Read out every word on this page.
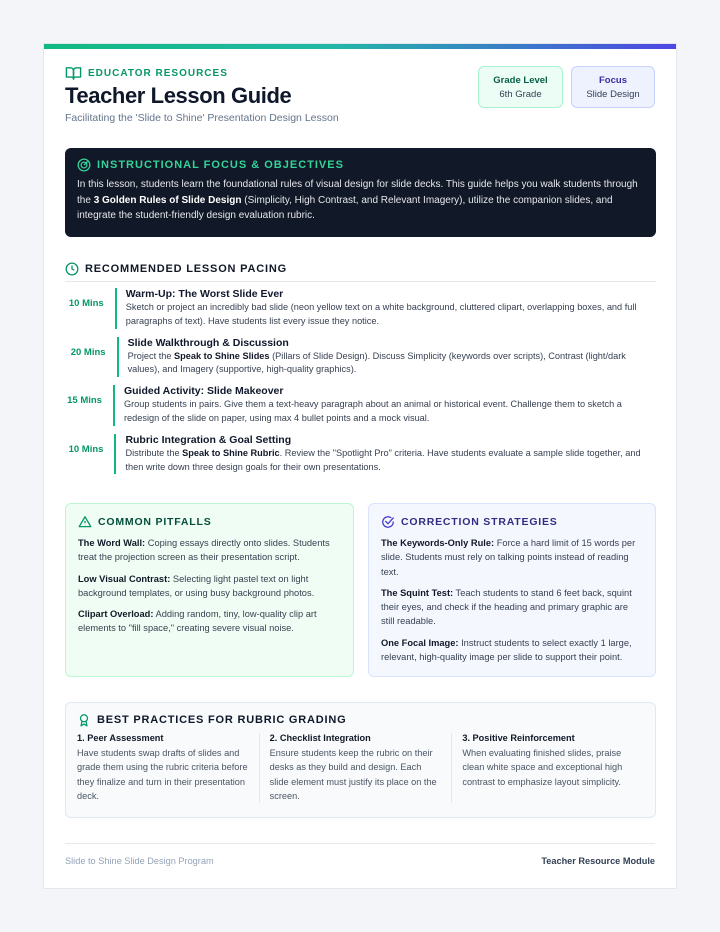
EDUCATOR RESOURCES
Teacher Lesson Guide
Facilitating the 'Slide to Shine' Presentation Design Lesson
Grade Level
6th Grade
Focus
Slide Design
INSTRUCTIONAL FOCUS & OBJECTIVES
In this lesson, students learn the foundational rules of visual design for slide decks. This guide helps you walk students through the 3 Golden Rules of Slide Design (Simplicity, High Contrast, and Relevant Imagery), utilize the companion slides, and integrate the student-friendly design evaluation rubric.
RECOMMENDED LESSON PACING
10 Mins
Warm-Up: The Worst Slide Ever
Sketch or project an incredibly bad slide (neon yellow text on a white background, cluttered clipart, overlapping boxes, and full paragraphs of text). Have students list every issue they notice.
20 Mins
Slide Walkthrough & Discussion
Project the Speak to Shine Slides (Pillars of Slide Design). Discuss Simplicity (keywords over scripts), Contrast (light/dark values), and Imagery (supportive, high-quality graphics).
15 Mins
Guided Activity: Slide Makeover
Group students in pairs. Give them a text-heavy paragraph about an animal or historical event. Challenge them to sketch a redesign of the slide on paper, using max 4 bullet points and a mock visual.
10 Mins
Rubric Integration & Goal Setting
Distribute the Speak to Shine Rubric. Review the "Spotlight Pro" criteria. Have students evaluate a sample slide together, and then write down three design goals for their own presentations.
COMMON PITFALLS
The Word Wall: Coping essays directly onto slides. Students treat the projection screen as their presentation script.
Low Visual Contrast: Selecting light pastel text on light background templates, or using busy background photos.
Clipart Overload: Adding random, tiny, low-quality clip art elements to "fill space," creating severe visual noise.
CORRECTION STRATEGIES
The Keywords-Only Rule: Force a hard limit of 15 words per slide. Students must rely on talking points instead of reading text.
The Squint Test: Teach students to stand 6 feet back, squint their eyes, and check if the heading and primary graphic are still readable.
One Focal Image: Instruct students to select exactly 1 large, relevant, high-quality image per slide to support their point.
BEST PRACTICES FOR RUBRIC GRADING
1. Peer Assessment
Have students swap drafts of slides and grade them using the rubric criteria before they finalize and turn in their presentation deck.
2. Checklist Integration
Ensure students keep the rubric on their desks as they build and design. Each slide element must justify its place on the screen.
3. Positive Reinforcement
When evaluating finished slides, praise clean white space and exceptional high contrast to emphasize layout simplicity.
Slide to Shine Slide Design Program	Teacher Resource Module
